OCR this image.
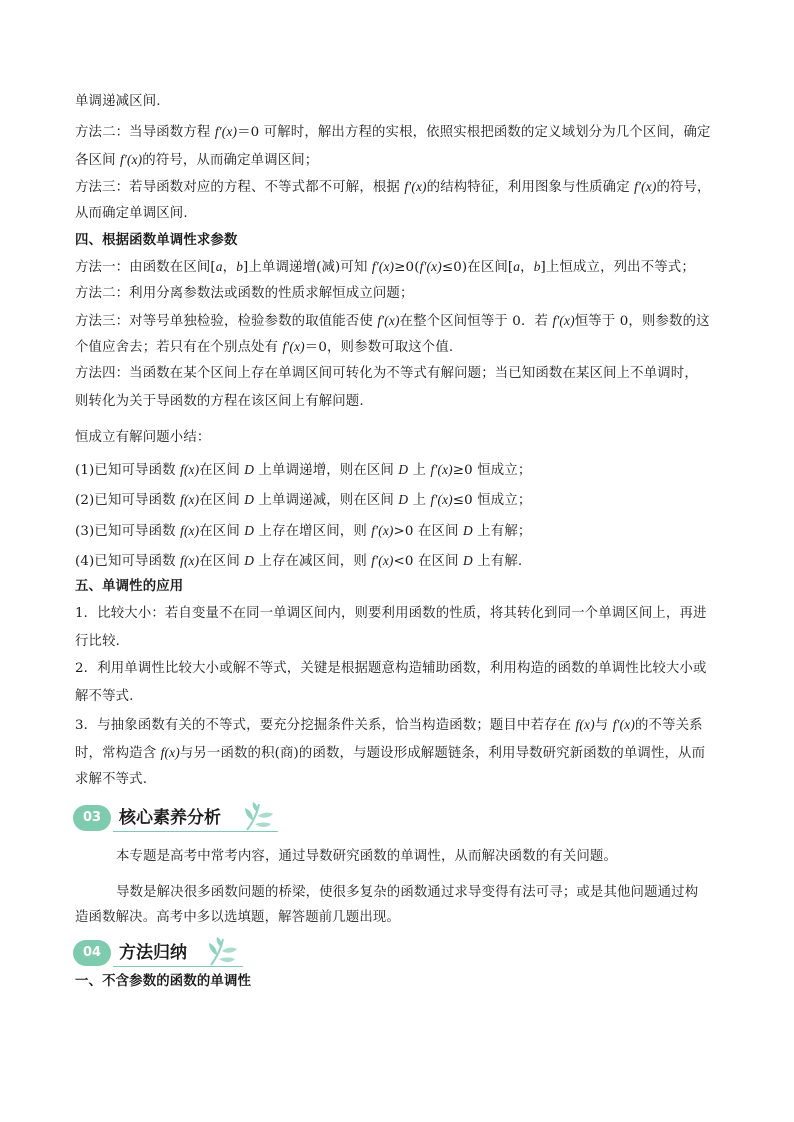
单调递减区间.
方法二：当导函数方程 f′(x)＝0 可解时，解出方程的实根，依照实根把函数的定义域划分为几个区间，确定
各区间 f′(x)的符号，从而确定单调区间；
方法三：若导函数对应的方程、不等式都不可解，根据 f′(x)的结构特征，利用图象与性质确定 f′(x)的符号，
从而确定单调区间.
四、根据函数单调性求参数
方法一：由函数在区间[a，b]上单调递增(减)可知 f′(x)≥0(f′(x)≤0)在区间[a，b]上恒成立，列出不等式；
方法二：利用分离参数法或函数的性质求解恒成立问题；
方法三：对等号单独检验，检验参数的取值能否使 f′(x)在整个区间恒等于 0．若 f′(x)恒等于 0，则参数的这
个值应舍去；若只有在个别点处有 f′(x)＝0，则参数可取这个值.
方法四：当函数在某个区间上存在单调区间可转化为不等式有解问题；当已知函数在某区间上不单调时，
则转化为关于导函数的方程在该区间上有解问题.
恒成立有解问题小结：
(1)已知可导函数 f(x)在区间 D 上单调递增，则在区间 D 上 f′(x)≥0 恒成立；
(2)已知可导函数 f(x)在区间 D 上单调递减，则在区间 D 上 f′(x)≤0 恒成立；
(3)已知可导函数 f(x)在区间 D 上存在增区间，则 f′(x)>0 在区间 D 上有解；
(4)已知可导函数 f(x)在区间 D 上存在减区间，则 f′(x)<0 在区间 D 上有解.
五、单调性的应用
1．比较大小：若自变量不在同一单调区间内，则要利用函数的性质，将其转化到同一个单调区间上，再进
行比较.
2．利用单调性比较大小或解不等式，关键是根据题意构造辅助函数，利用构造的函数的单调性比较大小或
解不等式.
3．与抽象函数有关的不等式，要充分挖掘条件关系，恰当构造函数；题目中若存在 f(x)与 f′(x)的不等关系
时，常构造含 f(x)与另一函数的积(商)的函数，与题设形成解题链条，利用导数研究新函数的单调性，从而
求解不等式.
03	核心素养分析
本专题是高考中常考内容，通过导数研究函数的单调性，从而解决函数的有关问题。
导数是解决很多函数问题的桥梁，使很多复杂的函数通过求导变得有法可寻；或是其他问题通过构
造函数解决。高考中多以选填题，解答题前几题出现。
04	方法归纳
一、不含参数的函数的单调性
